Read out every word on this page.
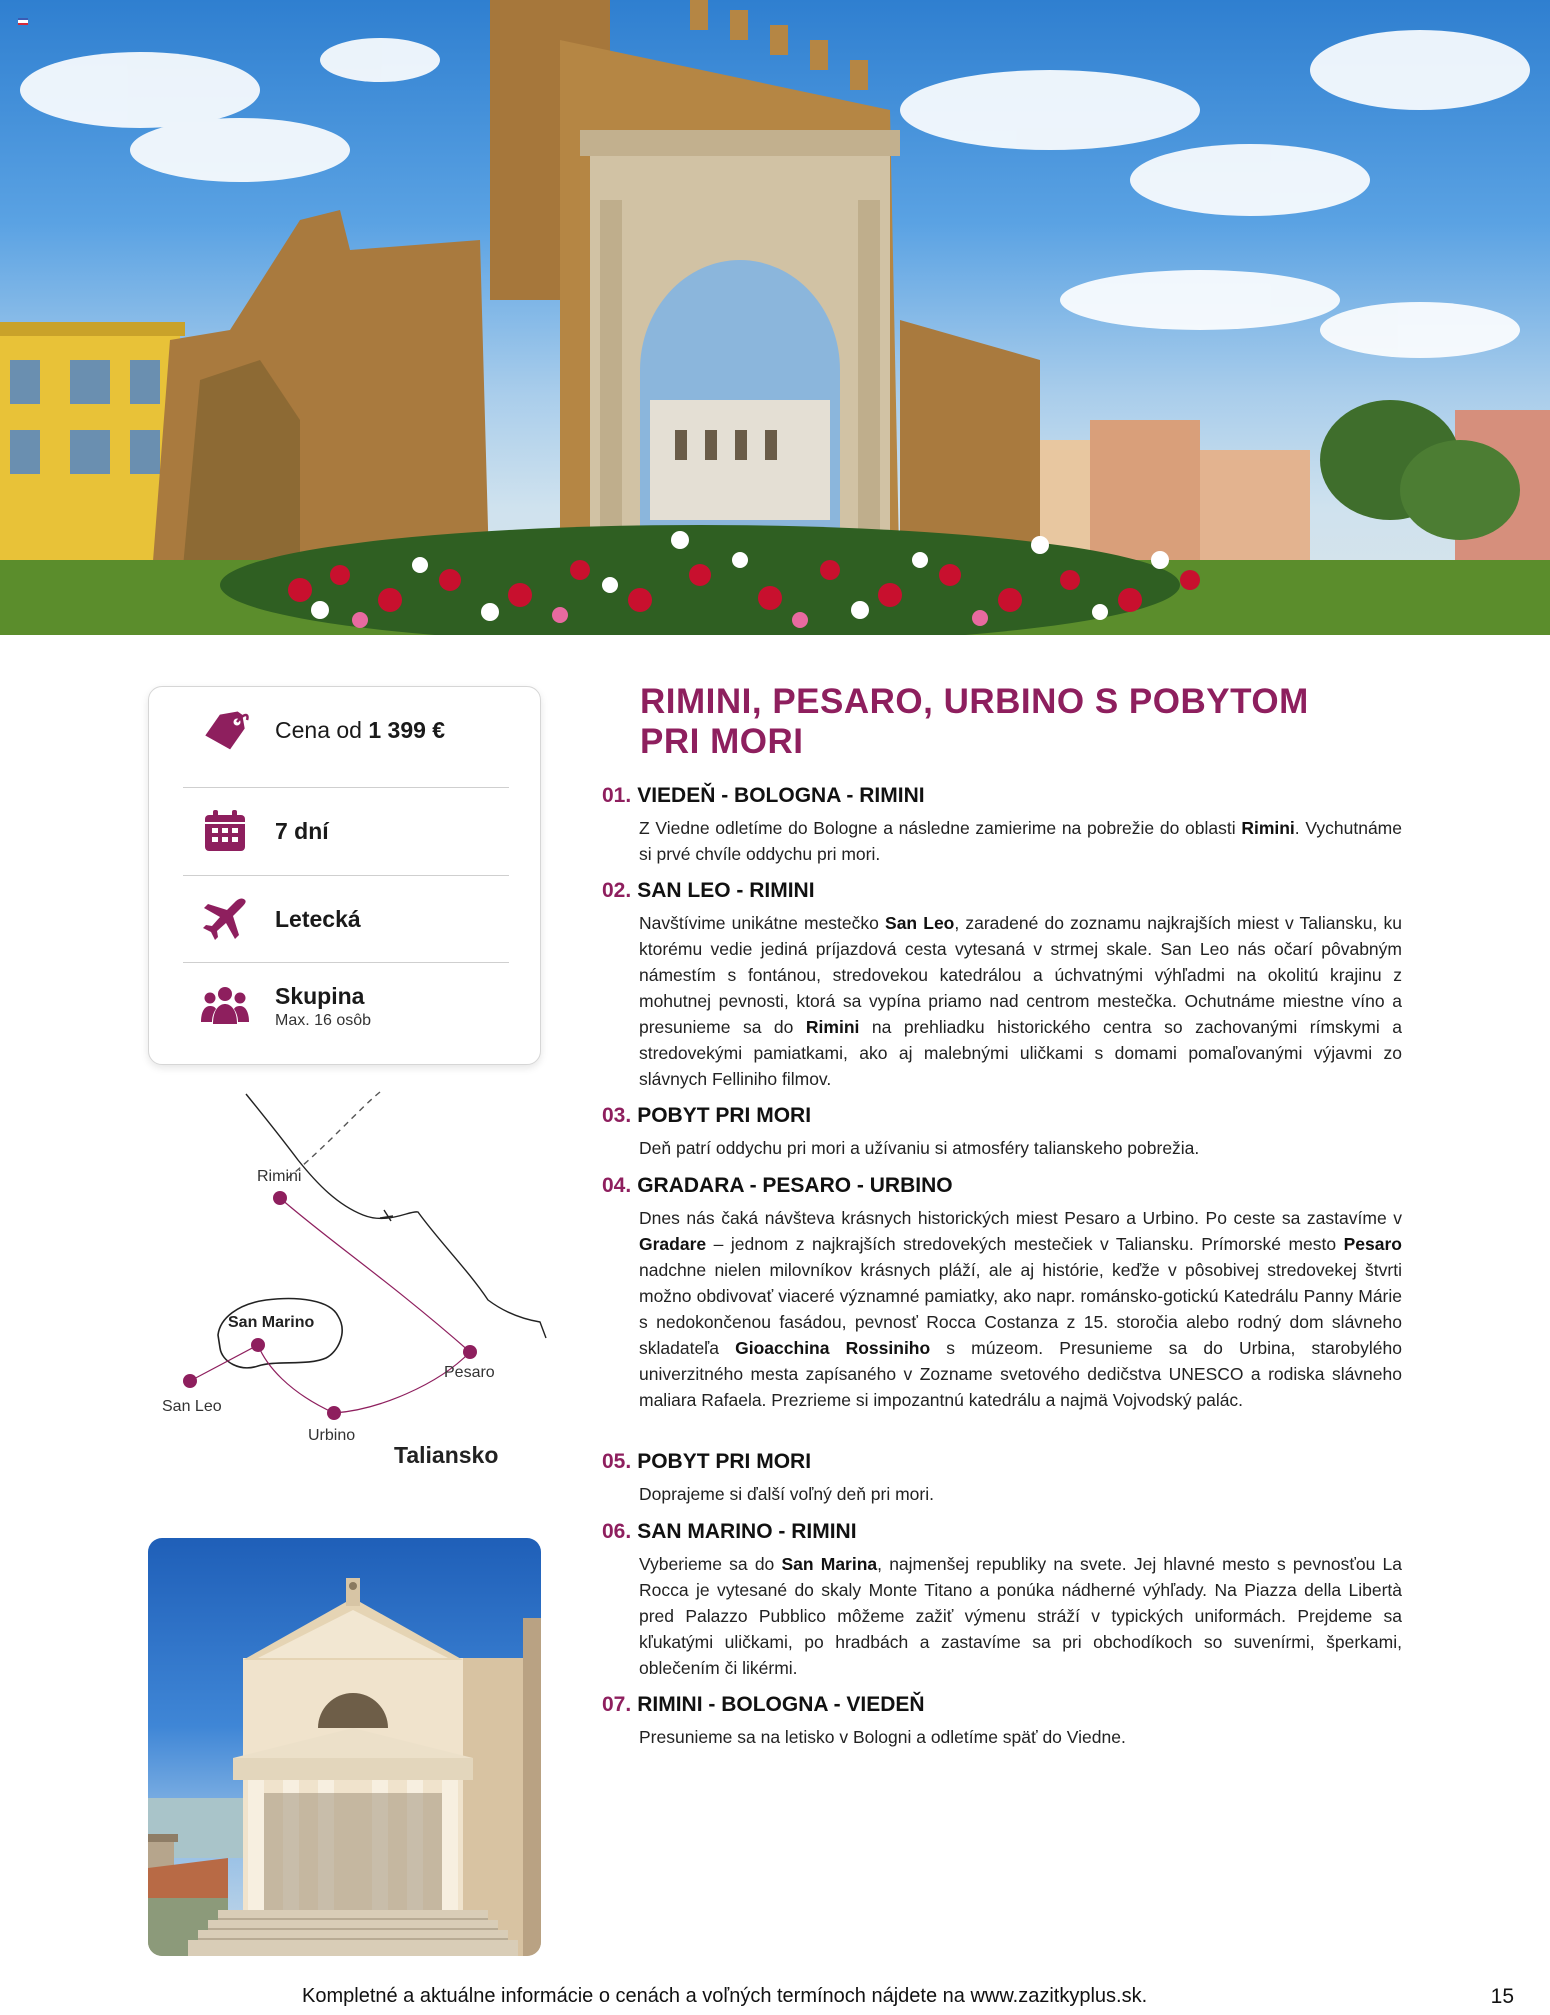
Cena od 1 399 €
7 dní
Letecká
Skupina
Max. 16 osôb
Rimini
San Marino
Pesaro
San Leo
Urbino
Taliansko
RIMINI, PESARO, URBINO S POBYTOM
PRI MORI
01. VIEDEŇ - BOLOGNA - RIMINI

Z Viedne odletíme do Bologne a následne zamierime na pobrežie do oblasti Rimini. Vychutnáme si prvé chvíle oddychu pri mori.

02. SAN LEO - RIMINI

Navštívime unikátne mestečko San Leo, zaradené do zoznamu najkrajších miest v Taliansku, ku ktorému vedie jediná príjazdová cesta vytesaná v strmej skale. San Leo nás očarí pôvabným námestím s fontánou, stredovekou katedrálou a úchvatnými výhľadmi na okolitú krajinu z mohutnej pevnosti, ktorá sa vypína priamo nad centrom mestečka. Ochutnáme miestne víno a presunieme sa do Rimini na prehliadku historického centra so zachovanými rímskymi a stredovekými pamiatkami, ako aj malebnými uličkami s domami pomaľovanými výjavmi zo slávnych Felliniho filmov.

03. POBYT PRI MORI

Deň patrí oddychu pri mori a užívaniu si atmosféry talianskeho pobrežia.

04. GRADARA - PESARO - URBINO

Dnes nás čaká návšteva krásnych historických miest Pesaro a Urbino. Po ceste sa zastavíme v Gradare – jednom z najkrajších stredovekých mestečiek v Taliansku. Prímorské mesto Pesaro nadchne nielen milovníkov krásnych pláží, ale aj histórie, keďže v pôsobivej stredovekej štvrti možno obdivovať viaceré významné pamiatky, ako napr. románsko-gotickú Katedrálu Panny Márie s nedokončenou fasádou, pevnosť Rocca Costanza z 15. storočia alebo rodný dom slávneho skladateľa Gioacchina Rossiniho s múzeom. Presunieme sa do Urbina, starobylého univerzitného mesta zapísaného v Zozname svetového dedičstva UNESCO a rodiska slávneho maliara Rafaela. Prezrieme si impozantnú katedrálu a najmä Vojvodský palác.

05. POBYT PRI MORI

Doprajeme si ďalší voľný deň pri mori.

06. SAN MARINO - RIMINI

Vyberieme sa do San Marina, najmenšej republiky na svete. Jej hlavné mesto s pevnosťou La Rocca je vytesané do skaly Monte Titano a ponúka nádherné výhľady. Na Piazza della Libertà pred Palazzo Pubblico môžeme zažiť výmenu stráží v typických uniformách. Prejdeme sa kľukatými uličkami, po hradbách a zastavíme sa pri obchodíkoch so suvenírmi, šperkami, oblečením či likérmi.

07. RIMINI - BOLOGNA - VIEDEŇ

Presunieme sa na letisko v Bologni a odletíme späť do Viedne.

Kompletné a aktuálne informácie o cenách a voľných termínoch nájdete na www.zazitkyplus.sk.	15
